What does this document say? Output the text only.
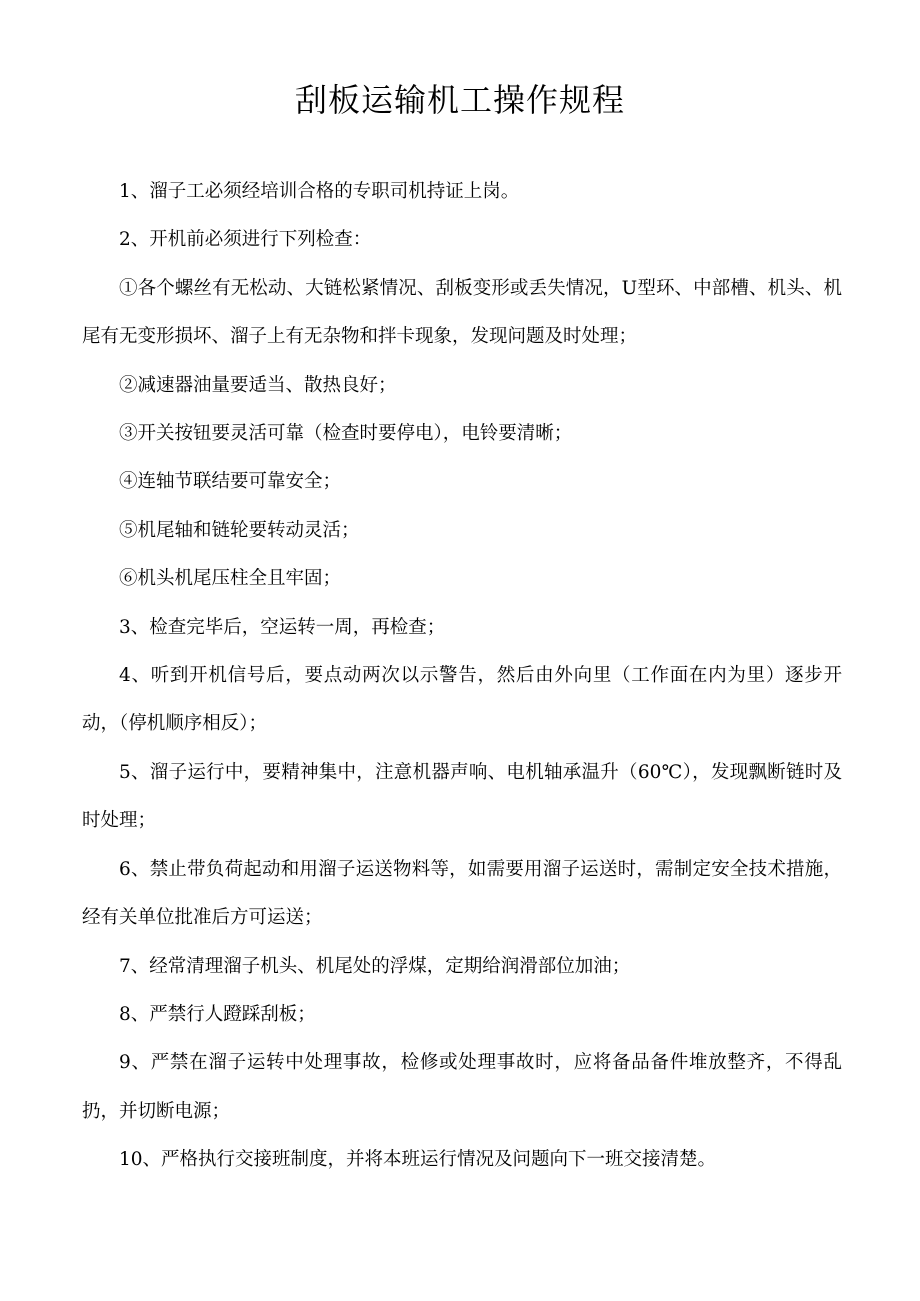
刮板运输机工操作规程

1、溜子工必须经培训合格的专职司机持证上岗。

2、开机前必须进行下列检查：

①各个螺丝有无松动、大链松紧情况、刮板变形或丢失情况，U型环、中部槽、机头、机尾有无变形损坏、溜子上有无杂物和拌卡现象，发现问题及时处理；

②减速器油量要适当、散热良好；

③开关按钮要灵活可靠（检查时要停电），电铃要清晰；

④连轴节联结要可靠安全；

⑤机尾轴和链轮要转动灵活；

⑥机头机尾压柱全且牢固；

3、检查完毕后，空运转一周，再检查；

4、听到开机信号后，要点动两次以示警告，然后由外向里（工作面在内为里）逐步开动，（停机顺序相反）；

5、溜子运行中，要精神集中，注意机器声响、电机轴承温升（60℃），发现飘断链时及时处理；

6、禁止带负荷起动和用溜子运送物料等，如需要用溜子运送时，需制定安全技术措施，经有关单位批准后方可运送；

7、经常清理溜子机头、机尾处的浮煤，定期给润滑部位加油；

8、严禁行人蹬踩刮板；

9、严禁在溜子运转中处理事故，检修或处理事故时，应将备品备件堆放整齐，不得乱扔，并切断电源；

10、严格执行交接班制度，并将本班运行情况及问题向下一班交接清楚。
